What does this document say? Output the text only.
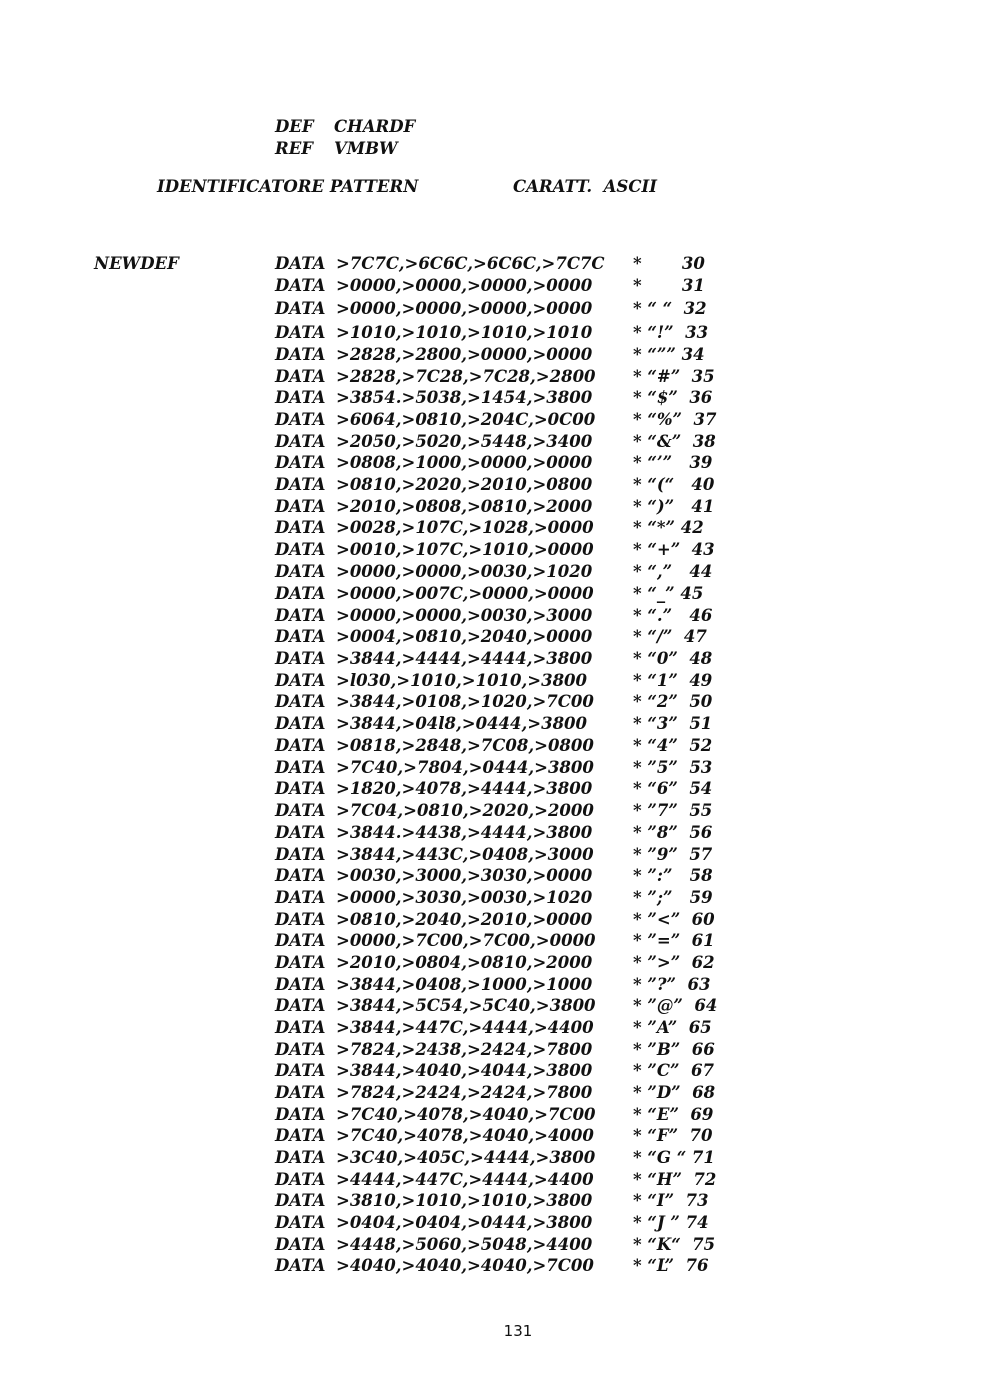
DEF CHARDF
REF VMBW
IDENTIFICATORE PATTERN	CARATT.  ASCII
NEWDEF	DATA >7C7C,>6C6C,>6C6C,>7C7C *       30
DATA >0000,>0000,>0000,>0000 *       31
DATA >0000,>0000,>0000,>0000 * “ “  32
DATA >1010,>1010,>1010,>1010 * “!”  33
DATA >2828,>2800,>0000,>0000 * “”” 34
DATA >2828,>7C28,>7C28,>2800 * “#”  35
DATA >3854.>5038,>1454,>3800 * “$”  36
DATA >6064,>0810,>204C,>0C00 * “%”  37
DATA >2050,>5020,>5448,>3400 * “&”  38
DATA >0808,>1000,>0000,>0000 * “’”   39
DATA >0810,>2020,>2010,>0800 * “(“   40
DATA >2010,>0808,>0810,>2000 * “)”   41
DATA >0028,>107C,>1028,>0000 * “*” 42
DATA >0010,>107C,>1010,>0000 * “+”  43
DATA >0000,>0000,>0030,>1020 * “,”   44
DATA >0000,>007C,>0000,>0000 * “_” 45
DATA >0000,>0000,>0030,>3000 * “.”   46
DATA >0004,>0810,>2040,>0000 * “/”  47
DATA >3844,>4444,>4444,>3800 * “0”  48
DATA >l030,>1010,>1010,>3800	* “1”  49
DATA >3844,>0108,>1020,>7C00 * “2”  50
DATA >3844,>04l8,>0444,>3800	* “3”  51
DATA >0818,>2848,>7C08,>0800 * “4”  52
DATA >7C40,>7804,>0444,>3800 * ”5”  53
DATA >1820,>4078,>4444,>3800 * “6”  54
DATA >7C04,>0810,>2020,>2000 * ”7”  55
DATA >3844.>4438,>4444,>3800 * ”8”  56
DATA >3844,>443C,>0408,>3000 * ”9”  57
DATA >0030,>3000,>3030,>0000 * ”:”   58
DATA >0000,>3030,>0030,>1020 * ”;”   59
DATA >0810,>2040,>2010,>0000 * ”<”  60
DATA >0000,>7C00,>7C00,>0000 * ”=”  61
DATA >2010,>0804,>0810,>2000 * ”>”  62
DATA >3844,>0408,>1000,>1000 * ”?”  63
DATA >3844,>5C54,>5C40,>3800 * ”@”  64
DATA >3844,>447C,>4444,>4400 * ”A”  65
DATA >7824,>2438,>2424,>7800 * ”B”  66
DATA >3844,>4040,>4044,>3800 * ”C”  67
DATA >7824,>2424,>2424,>7800 * ”D”  68
DATA >7C40,>4078,>4040,>7C00 * “E”  69
DATA >7C40,>4078,>4040,>4000 * “F”  70
DATA >3C40,>405C,>4444,>3800 * “G “ 71
DATA >4444,>447C,>4444,>4400 * “H”  72
DATA >3810,>1010,>1010,>3800 * “I”  73
DATA >0404,>0404,>0444,>3800 * “J ” 74
DATA >4448,>5060,>5048,>4400 * “K“  75
DATA >4040,>4040,>4040,>7C00 * “L”  76
131
